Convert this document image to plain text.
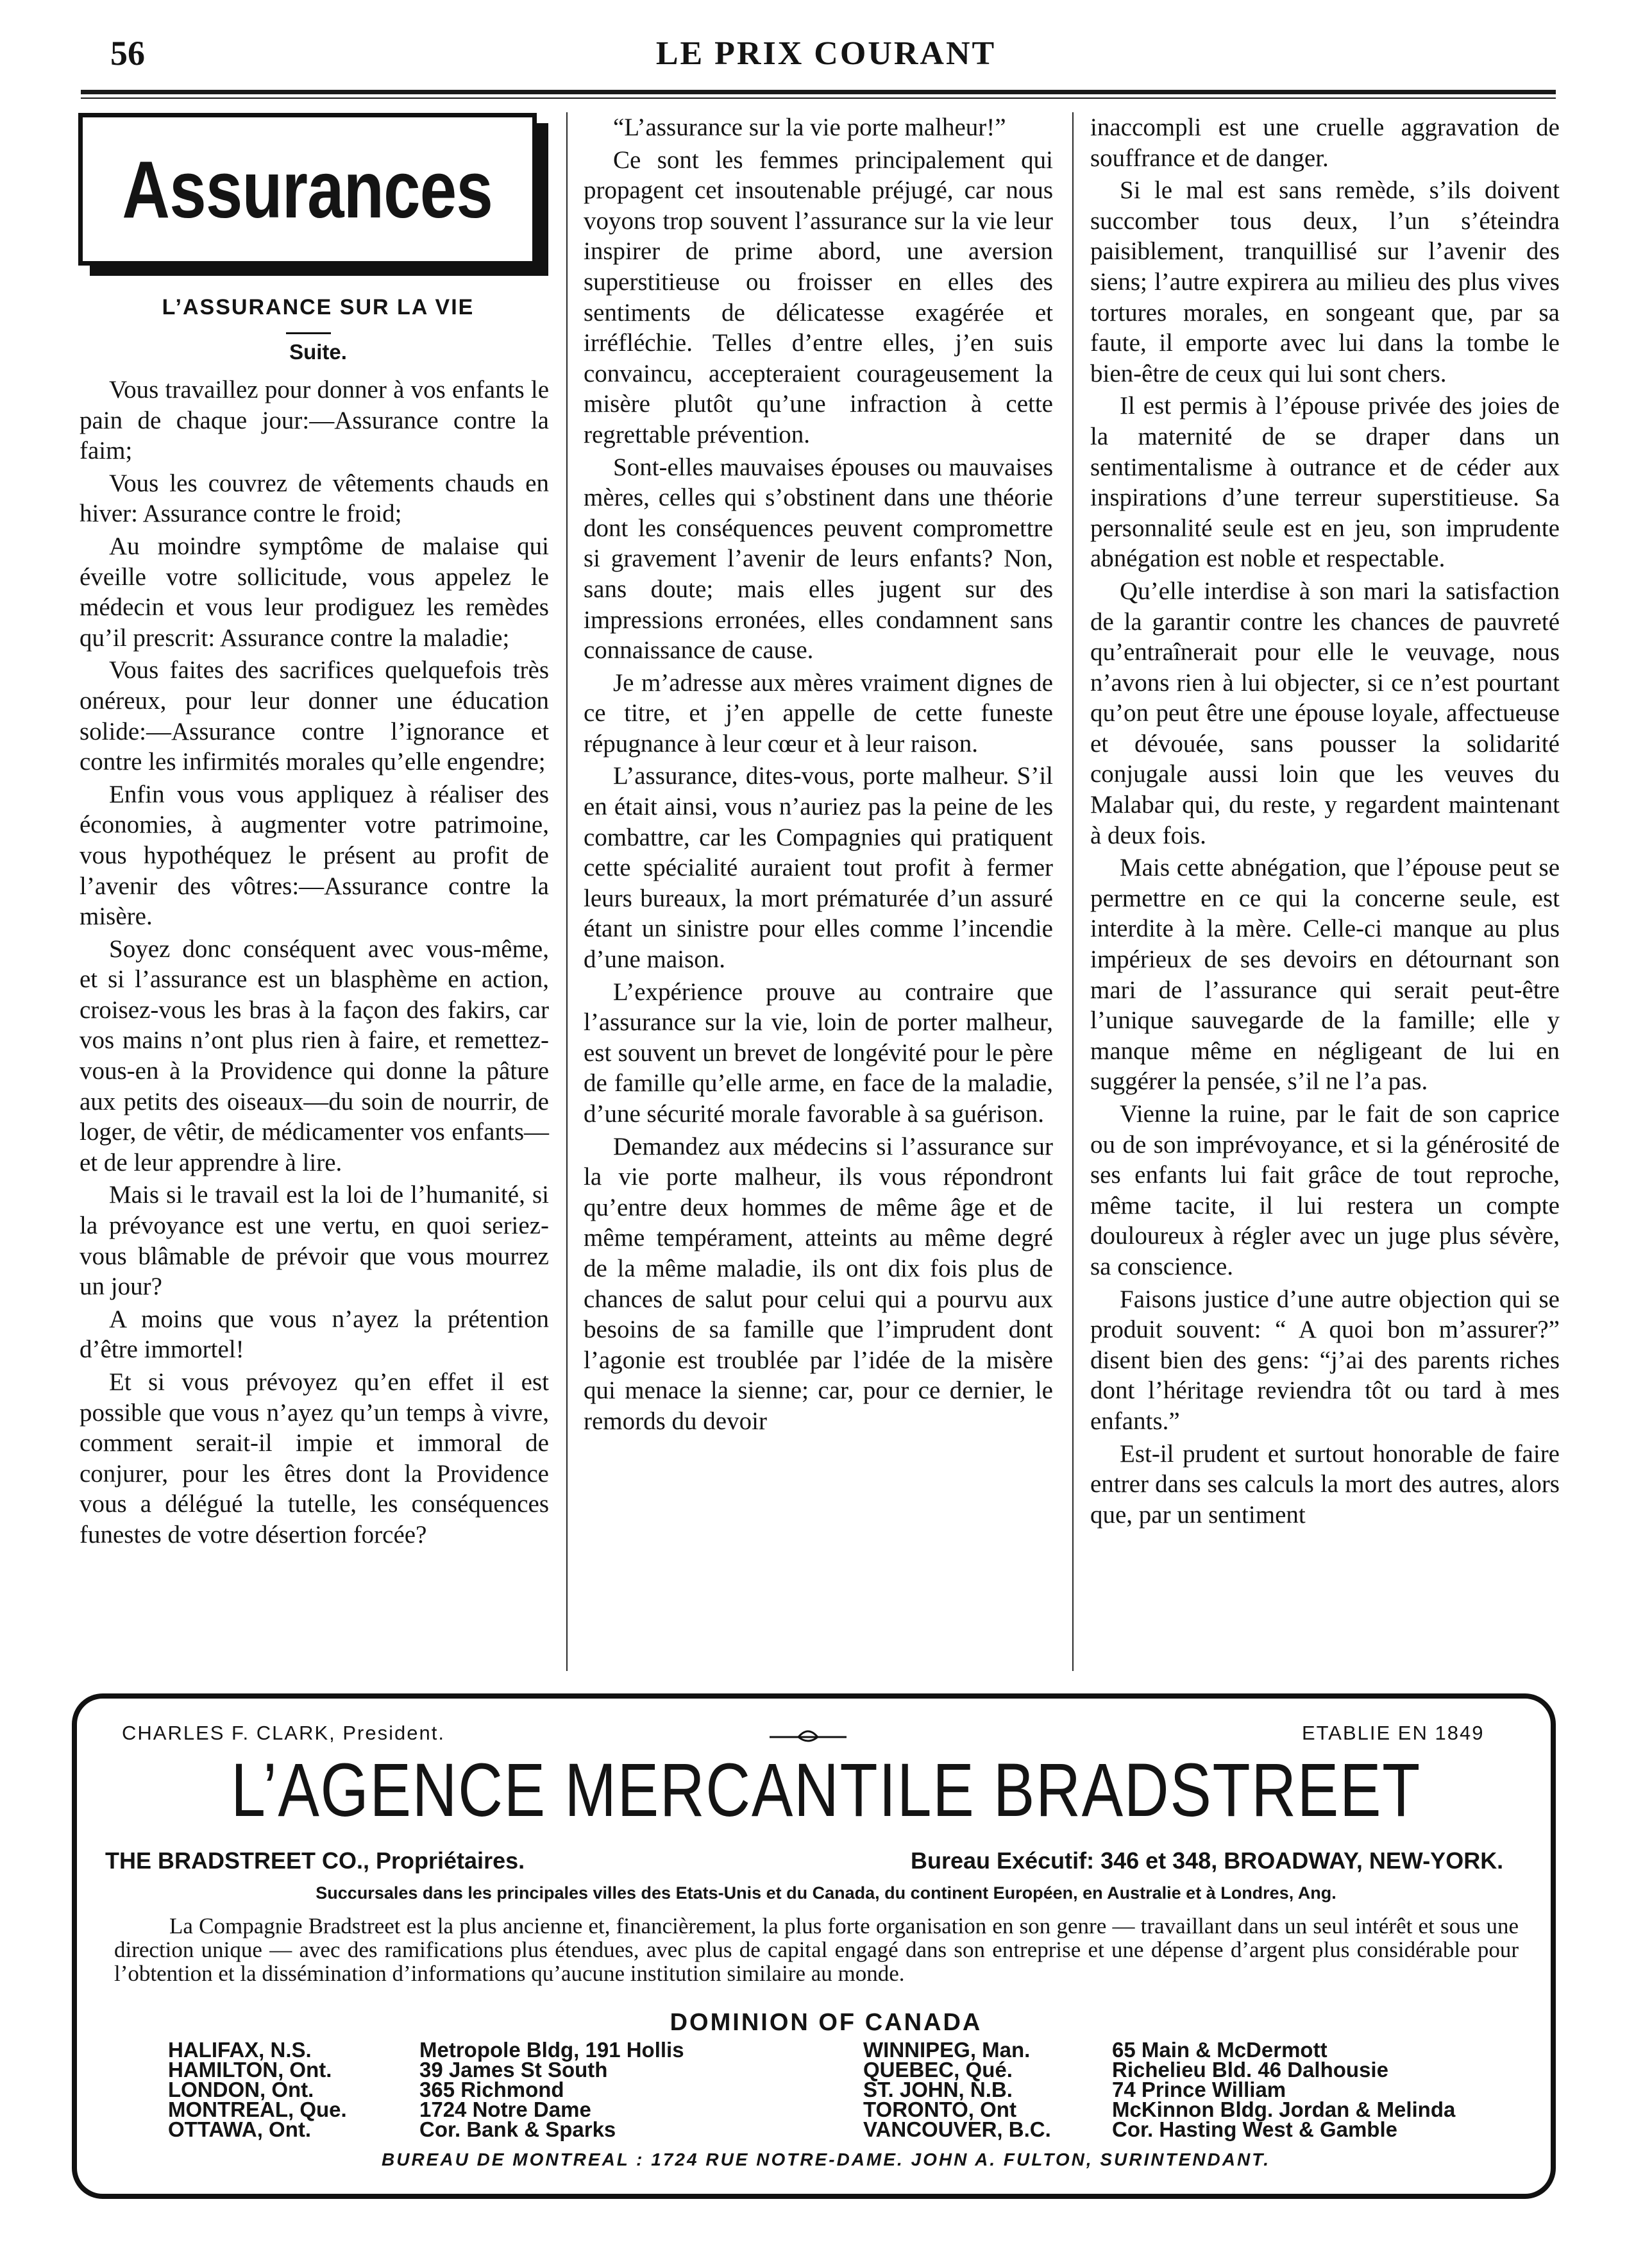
56	LE PRIX COURANT
Assurances
L’ASSURANCE SUR LA VIE
Suite.

Vous travaillez pour donner à vos enfants le pain de chaque jour:—Assurance contre la faim;

Vous les couvrez de vêtements chauds en hiver: Assurance contre le froid;

Au moindre symptôme de malaise qui éveille votre sollicitude, vous appelez le médecin et vous leur prodiguez les remèdes qu’il prescrit: Assurance contre la maladie;

Vous faites des sacrifices quelquefois très onéreux, pour leur donner une éducation solide:—Assurance contre l’ignorance et contre les infirmités morales qu’elle engendre;

Enfin vous vous appliquez à réaliser des économies, à augmenter votre patrimoine, vous hypothéquez le présent au profit de l’avenir des vôtres:—Assurance contre la misère.

Soyez donc conséquent avec vous-même, et si l’assurance est un blasphème en action, croisez-vous les bras à la façon des fakirs, car vos mains n’ont plus rien à faire, et remettez-vous-en à la Providence qui donne la pâture aux petits des oiseaux—du soin de nourrir, de loger, de vêtir, de médicamenter vos enfants—et de leur apprendre à lire.

Mais si le travail est la loi de l’humanité, si la prévoyance est une vertu, en quoi seriez-vous blâmable de prévoir que vous mourrez un jour?

A moins que vous n’ayez la prétention d’être immortel!

Et si vous prévoyez qu’en effet il est possible que vous n’ayez qu’un temps à vivre, comment serait-il impie et immoral de conjurer, pour les êtres dont la Providence vous a délégué la tutelle, les conséquences funestes de votre désertion forcée?

“L’assurance sur la vie porte malheur!”

Ce sont les femmes principalement qui propagent cet insoutenable préjugé, car nous voyons trop souvent l’assurance sur la vie leur inspirer de prime abord, une aversion superstitieuse ou froisser en elles des sentiments de délicatesse exagérée et irréfléchie. Telles d’entre elles, j’en suis convaincu, accepteraient courageusement la misère plutôt qu’une infraction à cette regrettable prévention.

Sont-elles mauvaises épouses ou mauvaises mères, celles qui s’obstinent dans une théorie dont les conséquences peuvent compromettre si gravement l’avenir de leurs enfants? Non, sans doute; mais elles jugent sur des impressions erronées, elles condamnent sans connaissance de cause.

Je m’adresse aux mères vraiment dignes de ce titre, et j’en appelle de cette funeste répugnance à leur cœur et à leur raison.

L’assurance, dites-vous, porte malheur. S’il en était ainsi, vous n’auriez pas la peine de les combattre, car les Compagnies qui pratiquent cette spécialité auraient tout profit à fermer leurs bureaux, la mort prématurée d’un assuré étant un sinistre pour elles comme l’incendie d’une maison.

L’expérience prouve au contraire que l’assurance sur la vie, loin de porter malheur, est souvent un brevet de longévité pour le père de famille qu’elle arme, en face de la maladie, d’une sécurité morale favorable à sa guérison.

Demandez aux médecins si l’assurance sur la vie porte malheur, ils vous répondront qu’entre deux hommes de même âge et de même tempérament, atteints au même degré de la même maladie, ils ont dix fois plus de chances de salut pour celui qui a pourvu aux besoins de sa famille que l’imprudent dont l’agonie est troublée par l’idée de la misère qui menace la sienne; car, pour ce dernier, le remords du devoir

inaccompli est une cruelle aggravation de souffrance et de danger.

Si le mal est sans remède, s’ils doivent succomber tous deux, l’un s’éteindra paisiblement, tranquillisé sur l’avenir des siens; l’autre expirera au milieu des plus vives tortures morales, en songeant que, par sa faute, il emporte avec lui dans la tombe le bien-être de ceux qui lui sont chers.

Il est permis à l’épouse privée des joies de la maternité de se draper dans un sentimentalisme à outrance et de céder aux inspirations d’une terreur superstitieuse. Sa personnalité seule est en jeu, son imprudente abnégation est noble et respectable.

Qu’elle interdise à son mari la satisfaction de la garantir contre les chances de pauvreté qu’entraînerait pour elle le veuvage, nous n’avons rien à lui objecter, si ce n’est pourtant qu’on peut être une épouse loyale, affectueuse et dévouée, sans pousser la solidarité conjugale aussi loin que les veuves du Malabar qui, du reste, y regardent maintenant à deux fois.

Mais cette abnégation, que l’épouse peut se permettre en ce qui la concerne seule, est interdite à la mère. Celle-ci manque au plus impérieux de ses devoirs en détournant son mari de l’assurance qui serait peut-être l’unique sauvegarde de la famille; elle y manque même en négligeant de lui en suggérer la pensée, s’il ne l’a pas.

Vienne la ruine, par le fait de son caprice ou de son imprévoyance, et si la générosité de ses enfants lui fait grâce de tout reproche, même tacite, il lui restera un compte douloureux à régler avec un juge plus sévère, sa conscience.

Faisons justice d’une autre objection qui se produit souvent: “ A quoi bon m’assurer?” disent bien des gens: “j’ai des parents riches dont l’héritage reviendra tôt ou tard à mes enfants.”

Est-il prudent et surtout honorable de faire entrer dans ses calculs la mort des autres, alors que, par un sentiment

CHARLES F. CLARK, President.	ETABLIE EN 1849
L’AGENCE MERCANTILE BRADSTREET
THE BRADSTREET CO., Propriétaires.	Bureau Exécutif: 346 et 348, BROADWAY, NEW-YORK.
Succursales dans les principales villes des Etats-Unis et du Canada, du continent Européen, en Australie et à Londres, Ang.
La Compagnie Bradstreet est la plus ancienne et, financièrement, la plus forte organisation en son genre — travaillant dans un seul intérêt et sous une direction unique — avec des ramifications plus étendues, avec plus de capital engagé dans son entreprise et une dépense d’argent plus considérable pour l’obtention et la dissémination d’informations qu’aucune institution similaire au monde.
DOMINION OF CANADA
HALIFAX, N.S.	Metropole Bldg, 191 Hollis
HAMILTON, Ont.	39 James St South
LONDON, Ont.	365 Richmond
MONTREAL, Que.	1724 Notre Dame
OTTAWA, Ont.	Cor. Bank & Sparks
WINNIPEG, Man.	65 Main & McDermott
QUEBEC, Qué.	Richelieu Bld. 46 Dalhousie
ST. JOHN, N.B.	74 Prince William
TORONTO, Ont	McKinnon Bldg. Jordan & Melinda
VANCOUVER, B.C.	Cor. Hasting West & Gamble
BUREAU DE MONTREAL : 1724 RUE NOTRE-DAME. JOHN A. FULTON, SURINTENDANT.
